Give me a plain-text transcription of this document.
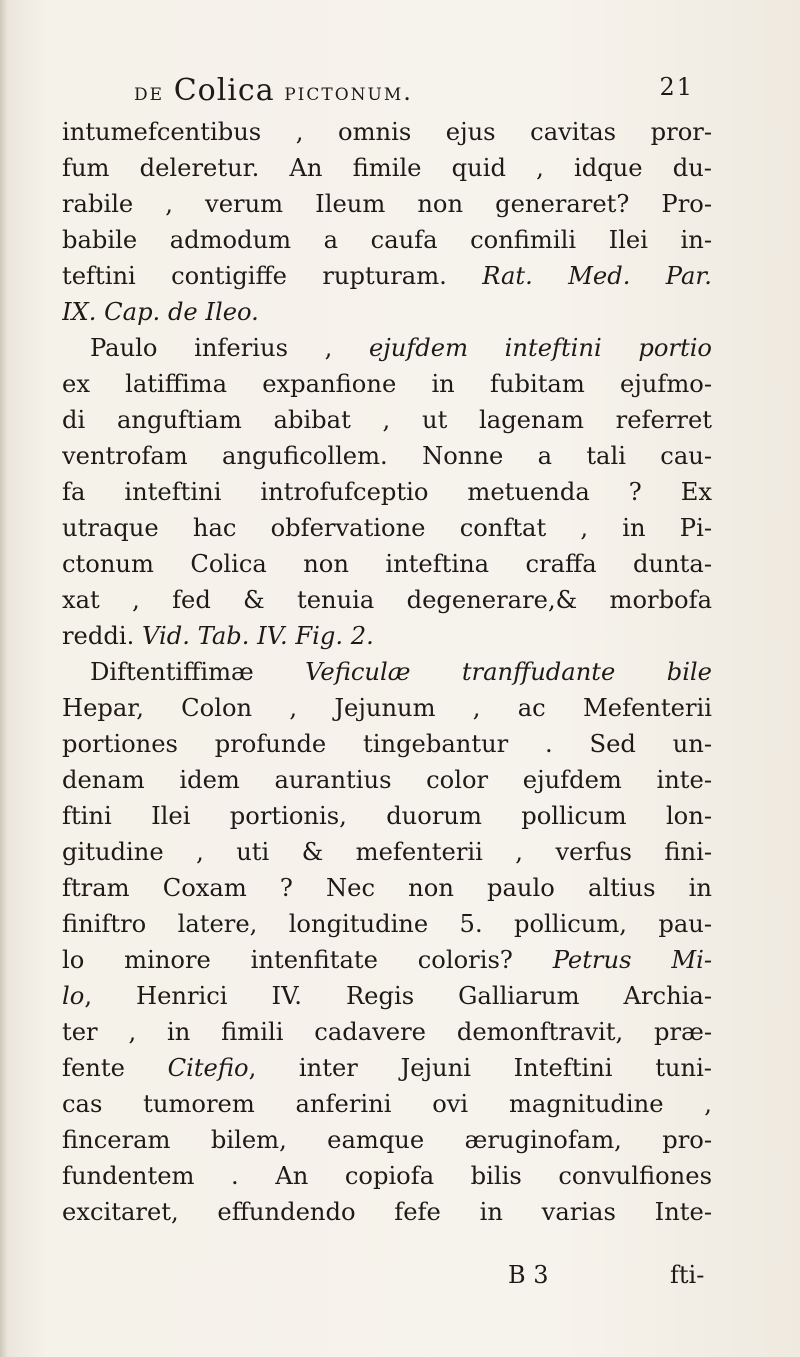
de Colica pictonum.	21
intumefcentibus , omnis ejus cavitas pror-
fum deleretur. An fimile quid , idque du-
rabile , verum Ileum non generaret? Pro-
babile admodum a caufa confimili Ilei in-
teftini contigiffe rupturam. Rat. Med. Par.
IX. Cap. de Ileo.
Paulo inferius , ejufdem inteftini portio
ex latiffima expanfione in fubitam ejufmo-
di anguftiam abibat , ut lagenam referret
ventrofam anguficollem. Nonne a tali cau-
fa inteftini introfufceptio metuenda ? Ex
utraque hac obfervatione conftat , in Pi-
ctonum Colica non inteftina craffa dunta-
xat , fed & tenuia degenerare,& morbofa
reddi. Vid. Tab. IV. Fig. 2.
Diftentiffimæ Veficulæ tranffudante bile
Hepar, Colon , Jejunum , ac Mefenterii
portiones profunde tingebantur . Sed un-
denam idem aurantius color ejufdem inte-
ftini Ilei portionis, duorum pollicum lon-
gitudine , uti & mefenterii , verfus fini-
ftram Coxam ? Nec non paulo altius in
finiftro latere, longitudine 5. pollicum, pau-
lo minore intenfitate coloris? Petrus Mi-
lo, Henrici IV. Regis Galliarum Archia-
ter , in fimili cadavere demonftravit, præ-
fente Citefio, inter Jejuni Inteftini tuni-
cas tumorem anferini ovi magnitudine ,
finceram bilem, eamque æruginofam, pro-
fundentem . An copiofa bilis convulfiones
excitaret, effundendo fefe in varias Inte-
B 3	fti-
